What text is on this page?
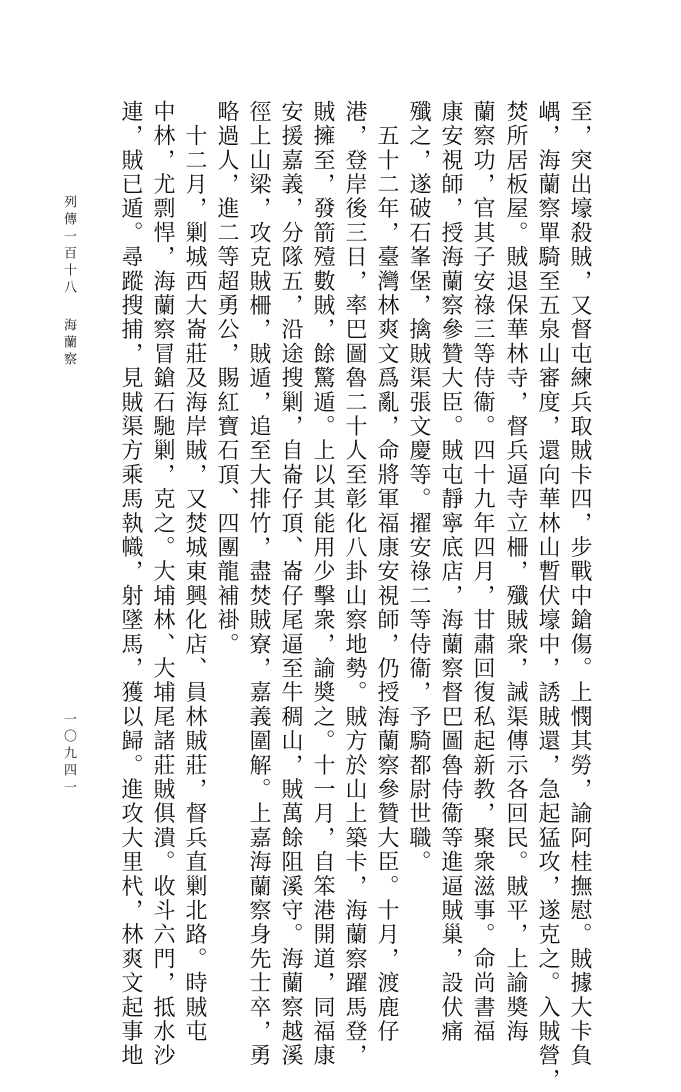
列傳一百十八
海蘭察
一〇九四一	至，突出壕殺賊，又督屯練兵取賊卡四，步戰中鎗傷。上憫其勞，諭阿桂撫慰。賊據大卡負
嵎，海蘭察單騎至五泉山審度，還向華林山暫伏壕中，誘賊還，急起猛攻，遂克之。入賊營，
焚所居板屋。賊退保華林寺，督兵逼寺立柵，殲賊衆，誡渠傳示各回民。賊平，上諭奬海
蘭察功，官其子安祿三等侍衞。四十九年四月，甘肅回復私起新教，聚衆滋事。命尚書福
康安視師，授海蘭察參贊大臣。賊屯靜寧底店，海蘭察督巴圖魯侍衞等進逼賊巢，設伏痛
殲之，遂破石峯堡，擒賊渠張文慶等。擢安祿二等侍衞，予騎都尉世職。
　五十二年，臺灣林爽文爲亂，命將軍福康安視師，仍授海蘭察參贊大臣。十月，渡鹿仔
港，登岸後三日，率巴圖魯二十人至彰化八卦山察地勢。賊方於山上築卡，海蘭察躍馬登，
賊擁至，發箭殪數賊，餘驚遁。上以其能用少擊衆，諭奬之。十一月，自笨港開道，同福康
安援嘉義，分隊五，沿途搜剿，自崙仔頂、崙仔尾逼至牛稠山，賊萬餘阻溪守。海蘭察越溪
徑上山梁，攻克賊柵，賊遁，追至大排竹，盡焚賊寮，嘉義圍解。上嘉海蘭察身先士卒，勇
略過人，進二等超勇公，賜紅寶石頂、四團龍補褂。
　十二月，剿城西大崙莊及海岸賊，又焚城東興化店、員林賊莊，督兵直剿北路。時賊屯
中林，尤剽悍，海蘭察冒鎗石馳剿，克之。大埔林、大埔尾諸莊賊俱潰。收斗六門，抵水沙
連，賊已遁。尋蹤搜捕，見賊渠方乘馬執幟，射墜馬，獲以歸。進攻大里杙，林爽文起事地
